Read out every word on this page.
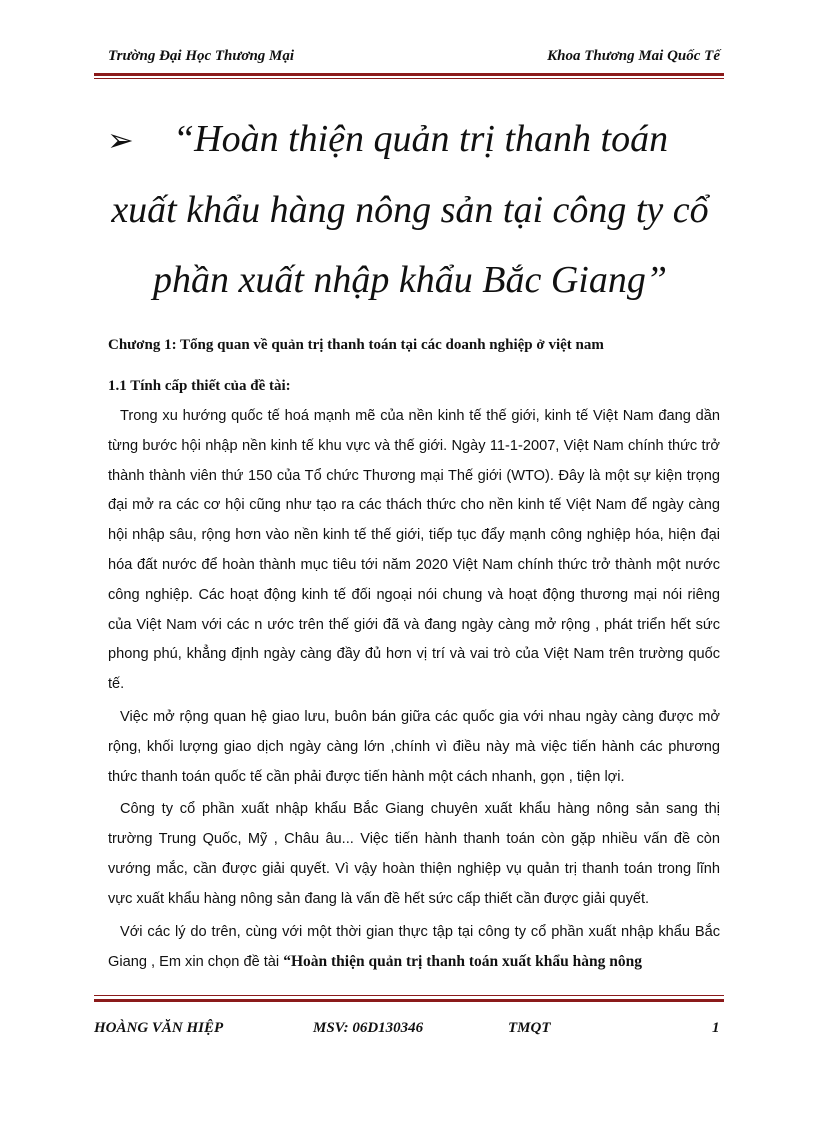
Trường Đại Học Thương Mại	Khoa Thương Mai Quốc Tế
➢	“Hoàn thiện quản trị thanh toán
xuất khẩu hàng nông sản tại công ty cổ
phần xuất nhập khẩu Bắc Giang”
Chương 1: Tổng quan về quản trị thanh toán tại các doanh nghiệp ở việt nam
1.1 Tính cấp thiết của đề tài:

Trong xu hướng quốc tế hoá mạnh mẽ của nền kinh tế thế giới, kinh tế Việt Nam đang dần từng bước hội nhập nền kinh tế khu vực và thế giới. Ngày 11-1-2007, Việt Nam chính thức trở thành thành viên thứ 150 của Tổ chức Thương mại Thế giới (WTO). Đây là một sự kiện trọng đại mở ra các cơ hội cũng như tạo ra các thách thức cho nền kinh tế Việt Nam để ngày càng hội nhập sâu, rộng hơn vào nền kinh tế thế giới, tiếp tục đẩy mạnh công nghiệp hóa, hiện đại hóa đất nước để hoàn thành mục tiêu tới năm 2020 Việt Nam chính thức trở thành một nước công nghiệp. Các hoạt động kinh tế đối ngoại nói chung và hoạt động thương mại nói riêng của Việt Nam với các n ước trên thế giới đã và đang ngày càng mở rộng , phát triển hết sức phong phú, khẳng định ngày càng đầy đủ hơn vị trí và vai trò của Việt Nam trên trường quốc tế.

Việc mở rộng quan hệ giao lưu, buôn bán giữa các quốc gia với nhau ngày càng được mở rộng, khối lượng giao dịch ngày càng lớn ,chính vì điều này mà việc tiến hành các phương thức thanh toán quốc tế cần phải được tiến hành một cách nhanh, gọn , tiện lợi.

Công ty cổ phần xuất nhập khẩu Bắc Giang chuyên xuất khẩu hàng nông sản sang thị trường Trung Quốc, Mỹ , Châu âu... Việc tiến hành thanh toán còn gặp nhiều vấn đề còn vướng mắc, cần được giải quyết. Vì vậy hoàn thiện nghiệp vụ quản trị thanh toán trong lĩnh vực xuất khẩu hàng nông sản đang là vấn đề hết sức cấp thiết cần được giải quyết.

Với các lý do trên, cùng với một thời gian thực tập tại công ty cổ phần xuất nhập khẩu Bắc Giang , Em xin chọn đề tài “Hoàn thiện quản trị thanh toán xuất khẩu hàng nông

HOÀNG VĂN HIỆP	MSV: 06D130346	TMQT	1
